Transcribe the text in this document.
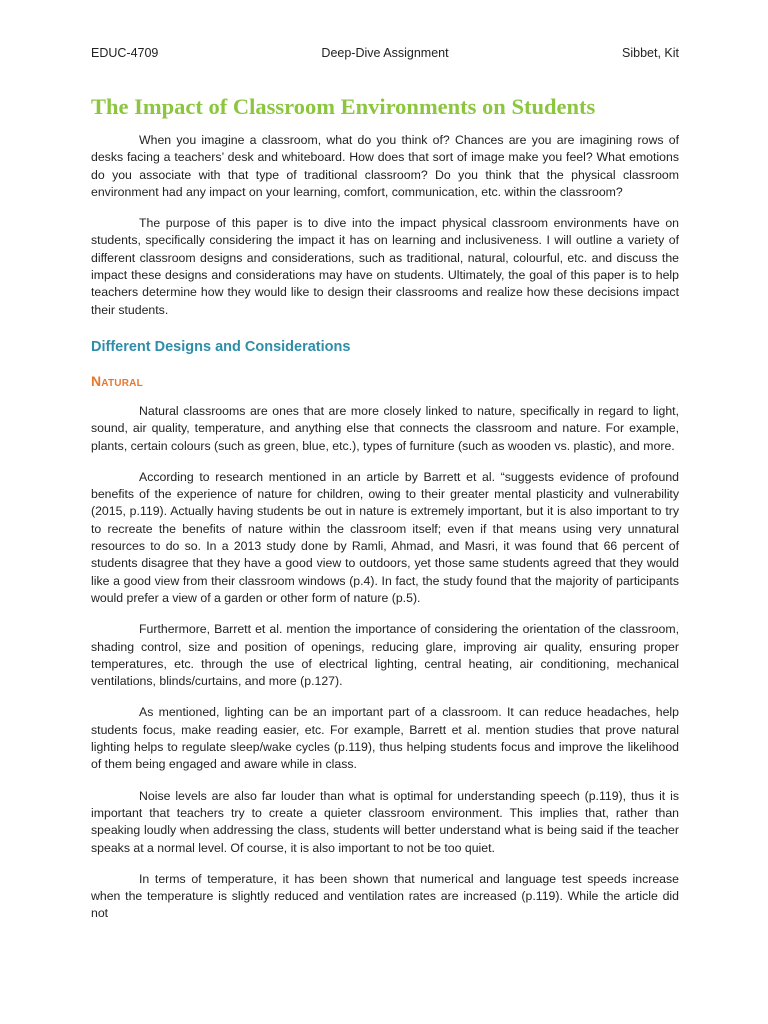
EDUC-4709	Deep-Dive Assignment	Sibbet, Kit
The Impact of Classroom Environments on Students

When you imagine a classroom, what do you think of? Chances are you are imagining rows of desks facing a teachers’ desk and whiteboard. How does that sort of image make you feel? What emotions do you associate with that type of traditional classroom? Do you think that the physical classroom environment had any impact on your learning, comfort, communication, etc. within the classroom?

The purpose of this paper is to dive into the impact physical classroom environments have on students, specifically considering the impact it has on learning and inclusiveness. I will outline a variety of different classroom designs and considerations, such as traditional, natural, colourful, etc. and discuss the impact these designs and considerations may have on students. Ultimately, the goal of this paper is to help teachers determine how they would like to design their classrooms and realize how these decisions impact their students.

Different Designs and Considerations
Natural

Natural classrooms are ones that are more closely linked to nature, specifically in regard to light, sound, air quality, temperature, and anything else that connects the classroom and nature. For example, plants, certain colours (such as green, blue, etc.), types of furniture (such as wooden vs. plastic), and more.

According to research mentioned in an article by Barrett et al. “suggests evidence of profound benefits of the experience of nature for children, owing to their greater mental plasticity and vulnerability (2015, p.119). Actually having students be out in nature is extremely important, but it is also important to try to recreate the benefits of nature within the classroom itself; even if that means using very unnatural resources to do so. In a 2013 study done by Ramli, Ahmad, and Masri, it was found that 66 percent of students disagree that they have a good view to outdoors, yet those same students agreed that they would like a good view from their classroom windows (p.4). In fact, the study found that the majority of participants would prefer a view of a garden or other form of nature (p.5).

Furthermore, Barrett et al. mention the importance of considering the orientation of the classroom, shading control, size and position of openings, reducing glare, improving air quality, ensuring proper temperatures, etc. through the use of electrical lighting, central heating, air conditioning, mechanical ventilations, blinds/curtains, and more (p.127).

As mentioned, lighting can be an important part of a classroom. It can reduce headaches, help students focus, make reading easier, etc. For example, Barrett et al. mention studies that prove natural lighting helps to regulate sleep/wake cycles (p.119), thus helping students focus and improve the likelihood of them being engaged and aware while in class.

Noise levels are also far louder than what is optimal for understanding speech (p.119), thus it is important that teachers try to create a quieter classroom environment. This implies that, rather than speaking loudly when addressing the class, students will better understand what is being said if the teacher speaks at a normal level. Of course, it is also important to not be too quiet.

In terms of temperature, it has been shown that numerical and language test speeds increase when the temperature is slightly reduced and ventilation rates are increased (p.119). While the article did not
